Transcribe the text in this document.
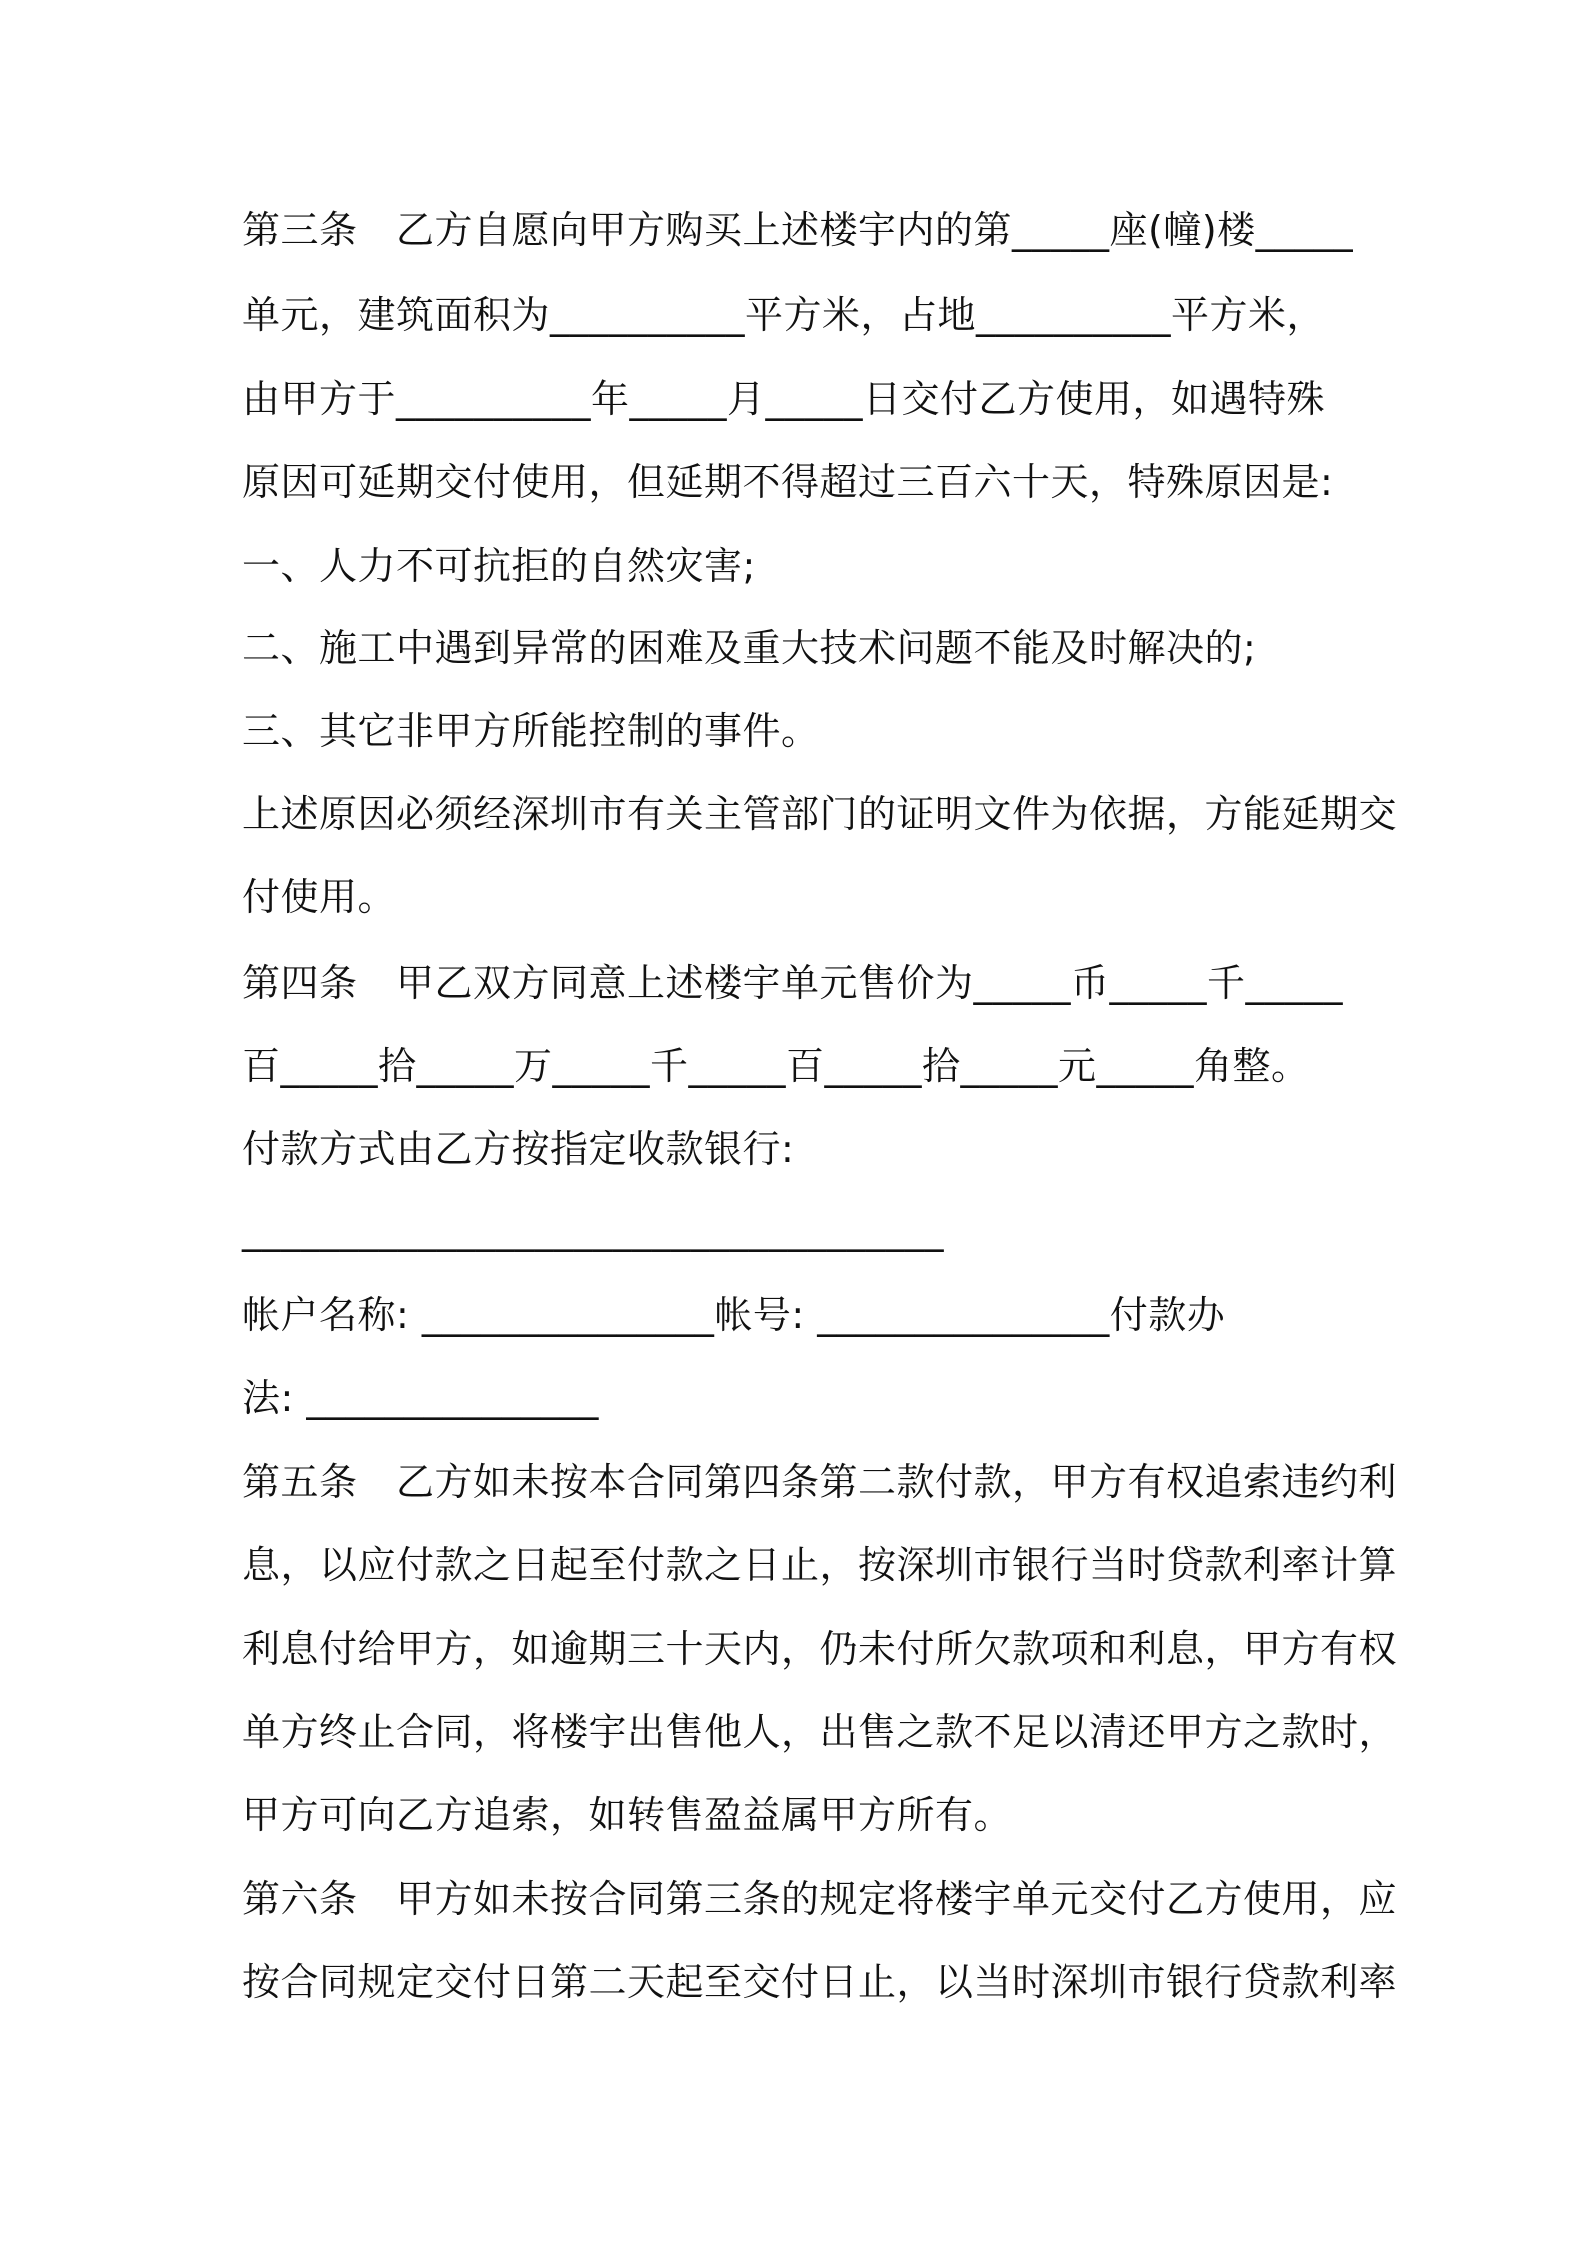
第三条　乙方自愿向甲方购买上述楼宇内的第_____座(幢)楼_____
单元，建筑面积为__________平方米，占地__________平方米，
由甲方于__________年_____月_____日交付乙方使用，如遇特殊
原因可延期交付使用，但延期不得超过三百六十天，特殊原因是:
一、人力不可抗拒的自然灾害;
二、施工中遇到异常的困难及重大技术问题不能及时解决的;
三、其它非甲方所能控制的事件。
上述原因必须经深圳市有关主管部门的证明文件为依据，方能延期交
付使用。
第四条　甲乙双方同意上述楼宇单元售价为_____币_____千_____
百_____拾_____万_____千_____百_____拾_____元_____角整。
付款方式由乙方按指定收款银行:
____________________________________
帐户名称: _______________帐号: _______________付款办
法: _______________
第五条　乙方如未按本合同第四条第二款付款，甲方有权追索违约利
息，以应付款之日起至付款之日止，按深圳市银行当时贷款利率计算
利息付给甲方，如逾期三十天内，仍未付所欠款项和利息，甲方有权
单方终止合同，将楼宇出售他人，出售之款不足以清还甲方之款时，
甲方可向乙方追索，如转售盈益属甲方所有。
第六条　甲方如未按合同第三条的规定将楼宇单元交付乙方使用，应
按合同规定交付日第二天起至交付日止，以当时深圳市银行贷款利率
